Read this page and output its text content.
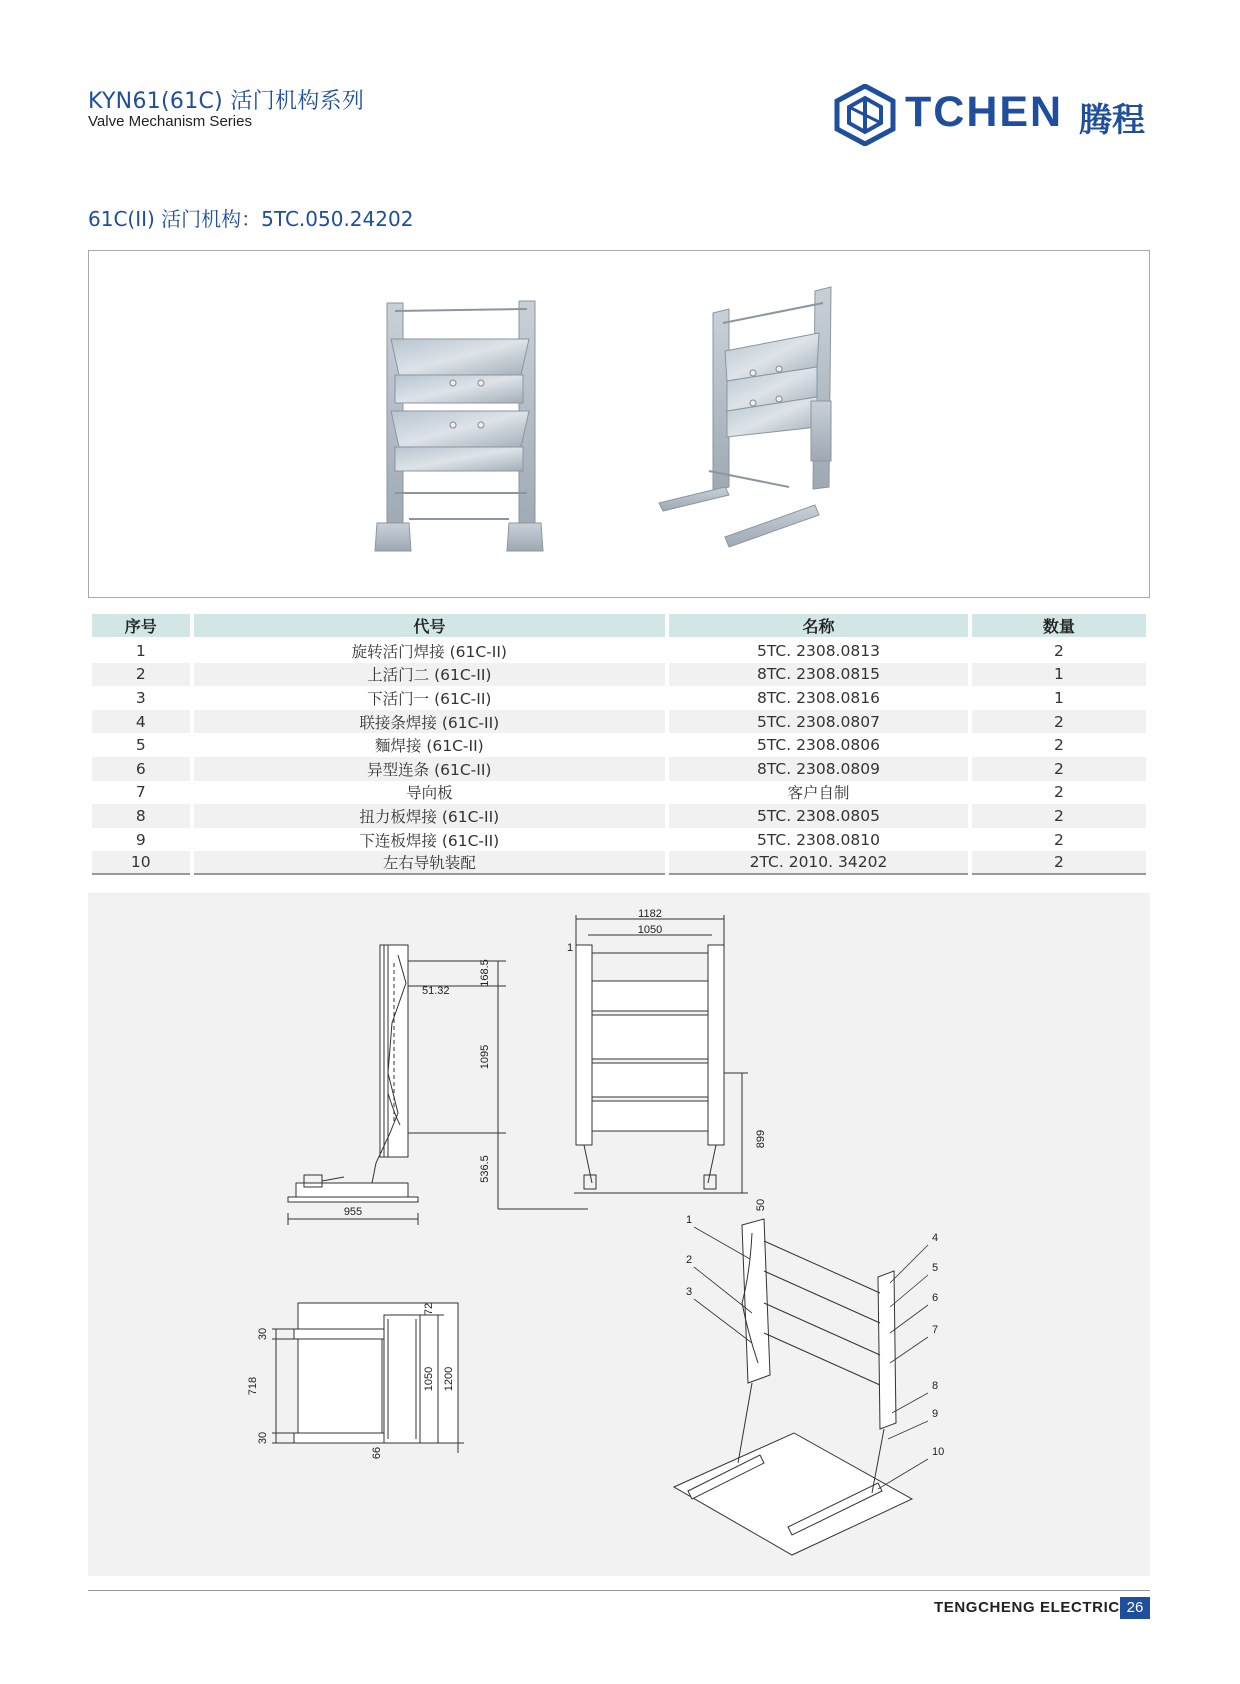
KYN61(61C) 活门机构系列
Valve Mechanism Series	TCHEN 腾程
61C(II) 活门机构：5TC.050.24202
序号	代号	名称	数量
1	旋转活门焊接 (61C-II)	5TC. 2308.0813	2
2	上活门二 (61C-II)	8TC. 2308.0815	1
3	下活门一 (61C-II)	8TC. 2308.0816	1
4	联接条焊接 (61C-II)	5TC. 2308.0807	2
5	麵焊接 (61C-II)	5TC. 2308.0806	2
6	异型连条 (61C-II)	8TC. 2308.0809	2
7	导向板	客户自制	2
8	扭力板焊接 (61C-II)	5TC. 2308.0805	2
9	下连板焊接 (61C-II)	5TC. 2308.0810	2
10	左右导轨装配	2TC. 2010. 34202	2
168.5
51.32
1095
536.5
955
1182
1050
1
899
50
30
718
30
1050 1200
72
66
1
2
3
4
5
6
7
8
9
10
TENGCHENG ELECTRIC 26
